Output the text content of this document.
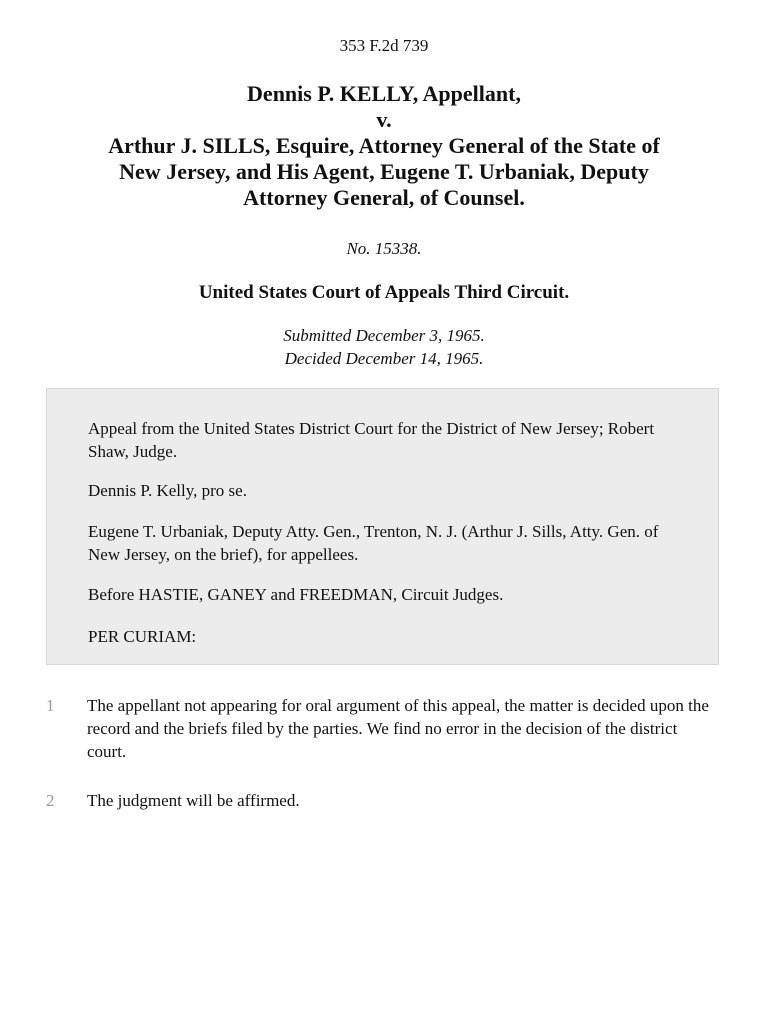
353 F.2d 739
Dennis P. KELLY, Appellant,
v.
Arthur J. SILLS, Esquire, Attorney General of the State of
New Jersey, and His Agent, Eugene T. Urbaniak, Deputy
Attorney General, of Counsel.
No. 15338.
United States Court of Appeals Third Circuit.
Submitted December 3, 1965.
Decided December 14, 1965.

Appeal from the United States District Court for the District of New Jersey; Robert Shaw, Judge.

Dennis P. Kelly, pro se.

Eugene T. Urbaniak, Deputy Atty. Gen., Trenton, N. J. (Arthur J. Sills, Atty. Gen. of New Jersey, on the brief), for appellees.

Before HASTIE, GANEY and FREEDMAN, Circuit Judges.

PER CURIAM:

1 The appellant not appearing for oral argument of this appeal, the matter is decided upon the record and the briefs filed by the parties. We find no error in the decision of the district court.
2 The judgment will be affirmed.
